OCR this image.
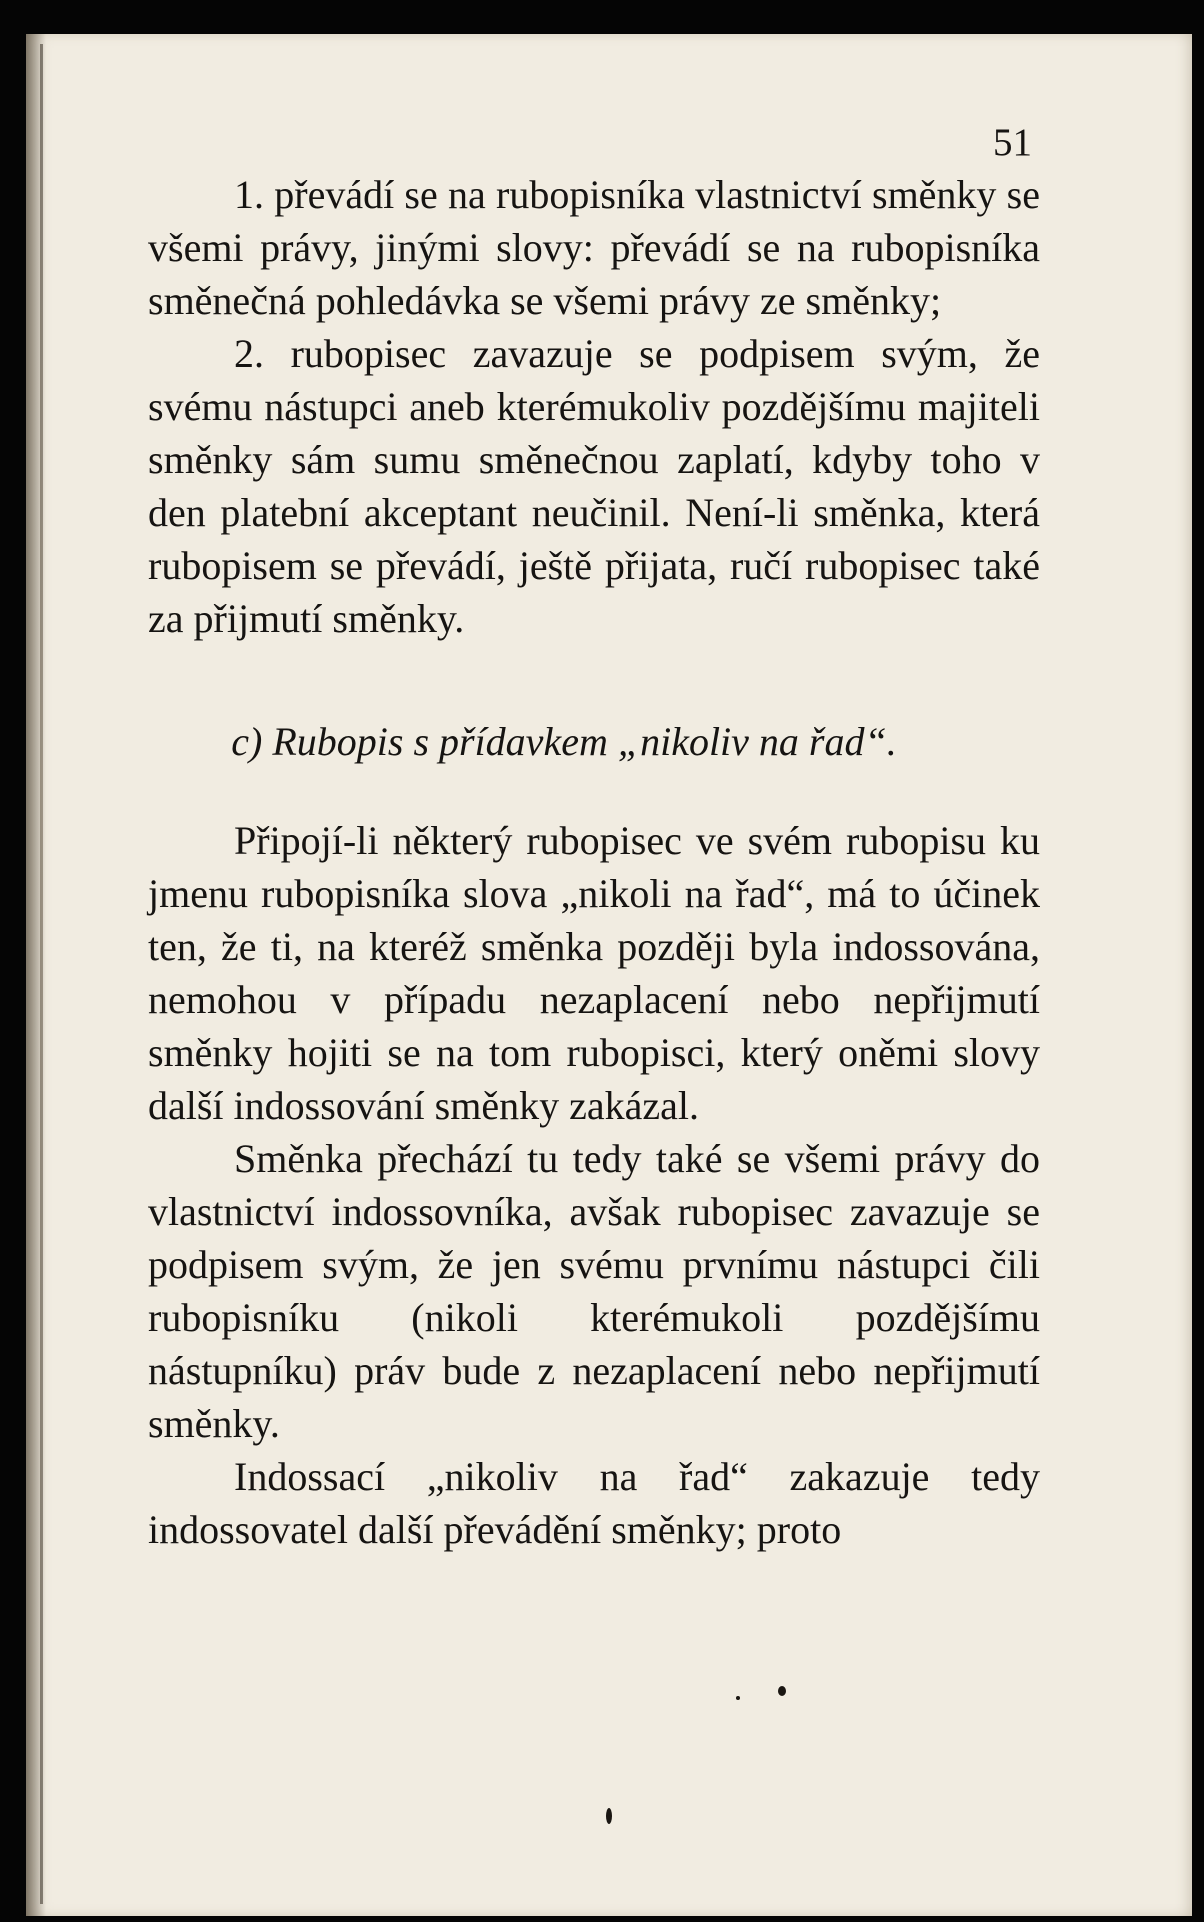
51

1. převádí se na rubopisníka vlastnictví směnky se všemi právy, jinými slovy: převádí se na rubopisníka směnečná pohledávka se všemi právy ze směnky;

2. rubopisec zavazuje se podpisem svým, že svému nástupci aneb kterémukoliv pozdějšímu majiteli směnky sám sumu směnečnou zaplatí, kdyby toho v den platební akceptant neučinil. Není-li směnka, která rubopisem se převádí, ještě přijata, ručí rubopisec také za přijmutí směnky.

c) Rubopis s přídavkem „nikoliv na řad“.

Připojí-li některý rubopisec ve svém rubopisu ku jmenu rubopisníka slova „nikoli na řad“, má to účinek ten, že ti, na kteréž směnka později byla indossována, nemohou v případu nezaplacení nebo nepřijmutí směnky hojiti se na tom rubopisci, který oněmi slovy další indossování směnky zakázal.

Směnka přechází tu tedy také se všemi právy do vlastnictví indossovníka, avšak rubopisec zavazuje se podpisem svým, že jen svému prvnímu nástupci čili rubopisníku (nikoli kterémukoli pozdějšímu nástupníku) práv bude z nezaplacení nebo nepřijmutí směnky.

Indossací „nikoliv na řad“ zakazuje tedy indossovatel další převádění směnky; proto
